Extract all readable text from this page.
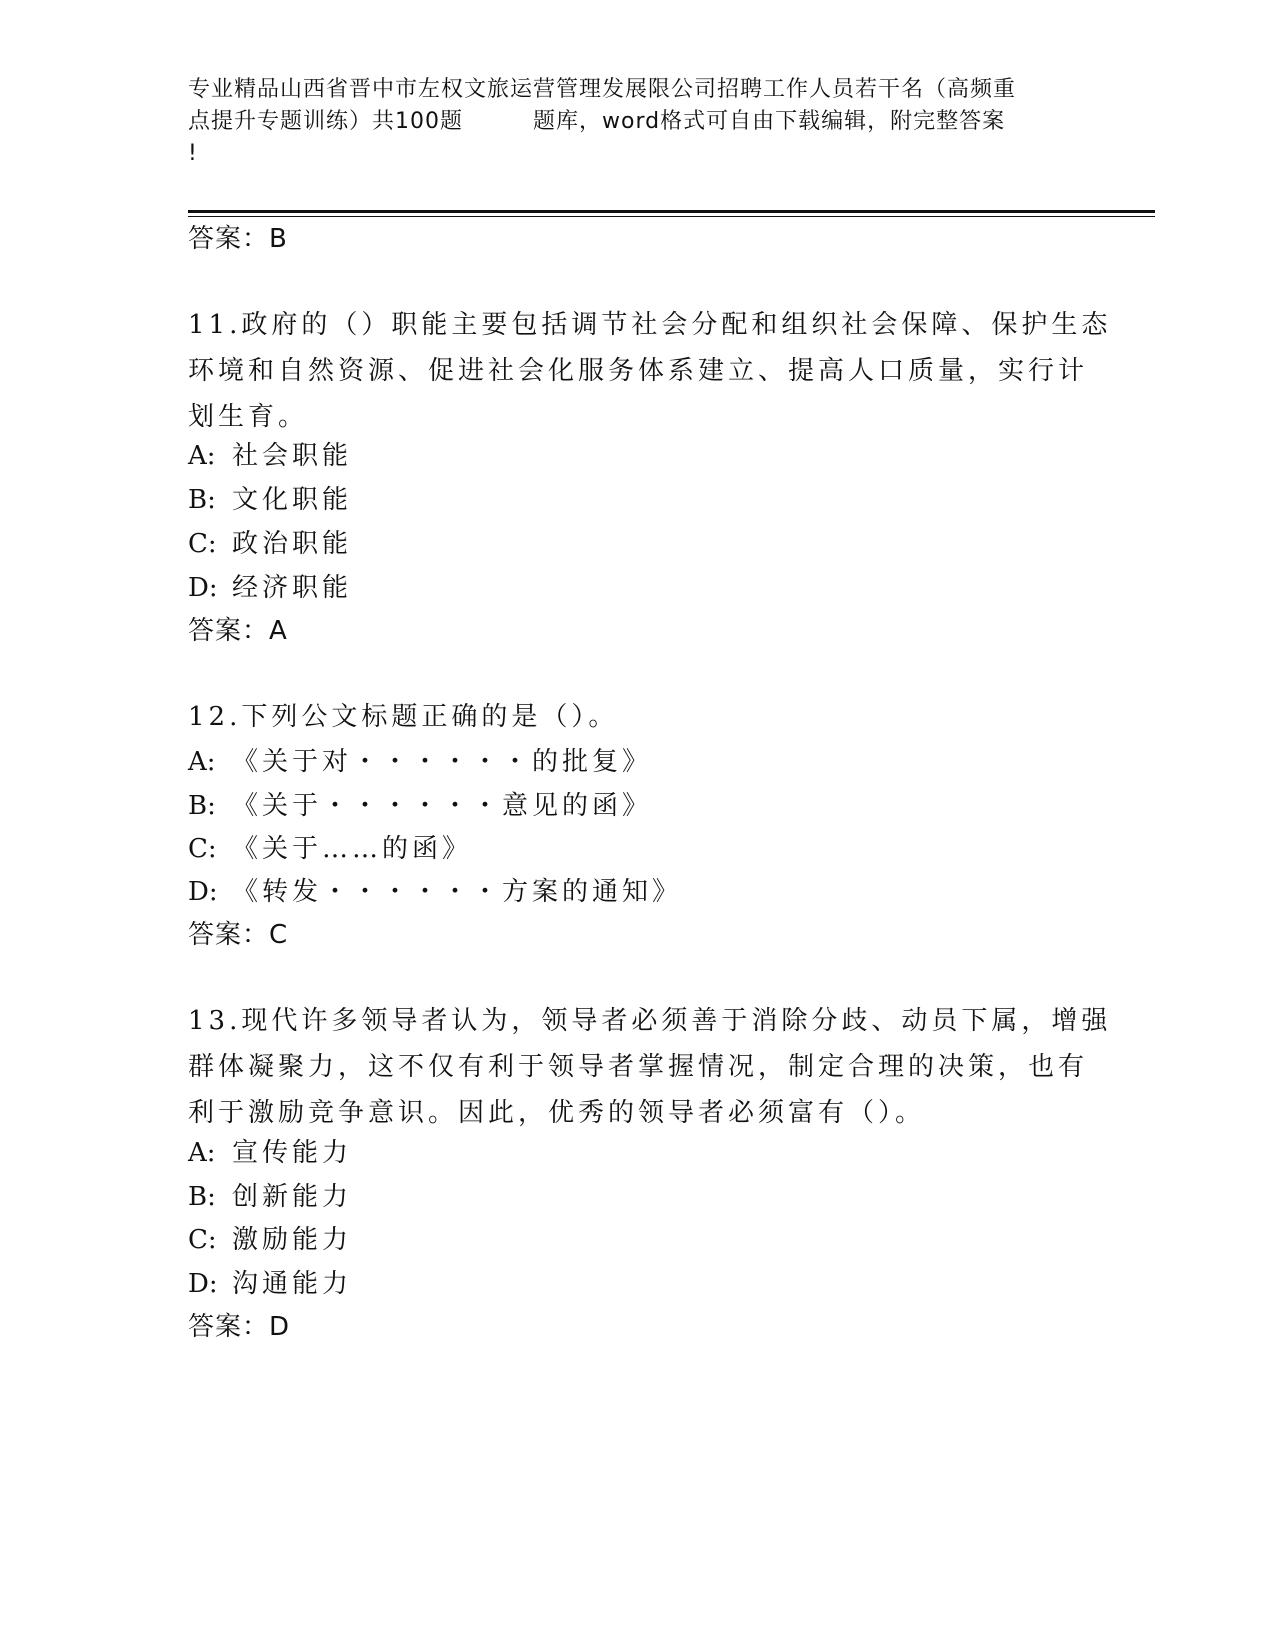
专业精品山西省晋中市左权文旅运营管理发展限公司招聘工作人员若干名（高频重
点提升专题训练）共100题	题库，word格式可自由下载编辑，附完整答案
!
答案：B
11.政府的（）职能主要包括调节社会分配和组织社会保障、保护生态
环境和自然资源、促进社会化服务体系建立、提高人口质量，实行计
划生育。
A: 社会职能
B: 文化职能
C: 政治职能
D: 经济职能
答案：A
12.下列公文标题正确的是（）。
A: 《关于对・・・・・・的批复》
B: 《关于・・・・・・意见的函》
C: 《关于……的函》
D: 《转发・・・・・・方案的通知》
答案：C
13.现代许多领导者认为，领导者必须善于消除分歧、动员下属，增强
群体凝聚力，这不仅有利于领导者掌握情况，制定合理的决策，也有
利于激励竞争意识。因此，优秀的领导者必须富有（）。
A: 宣传能力
B: 创新能力
C: 激励能力
D: 沟通能力
答案：D
